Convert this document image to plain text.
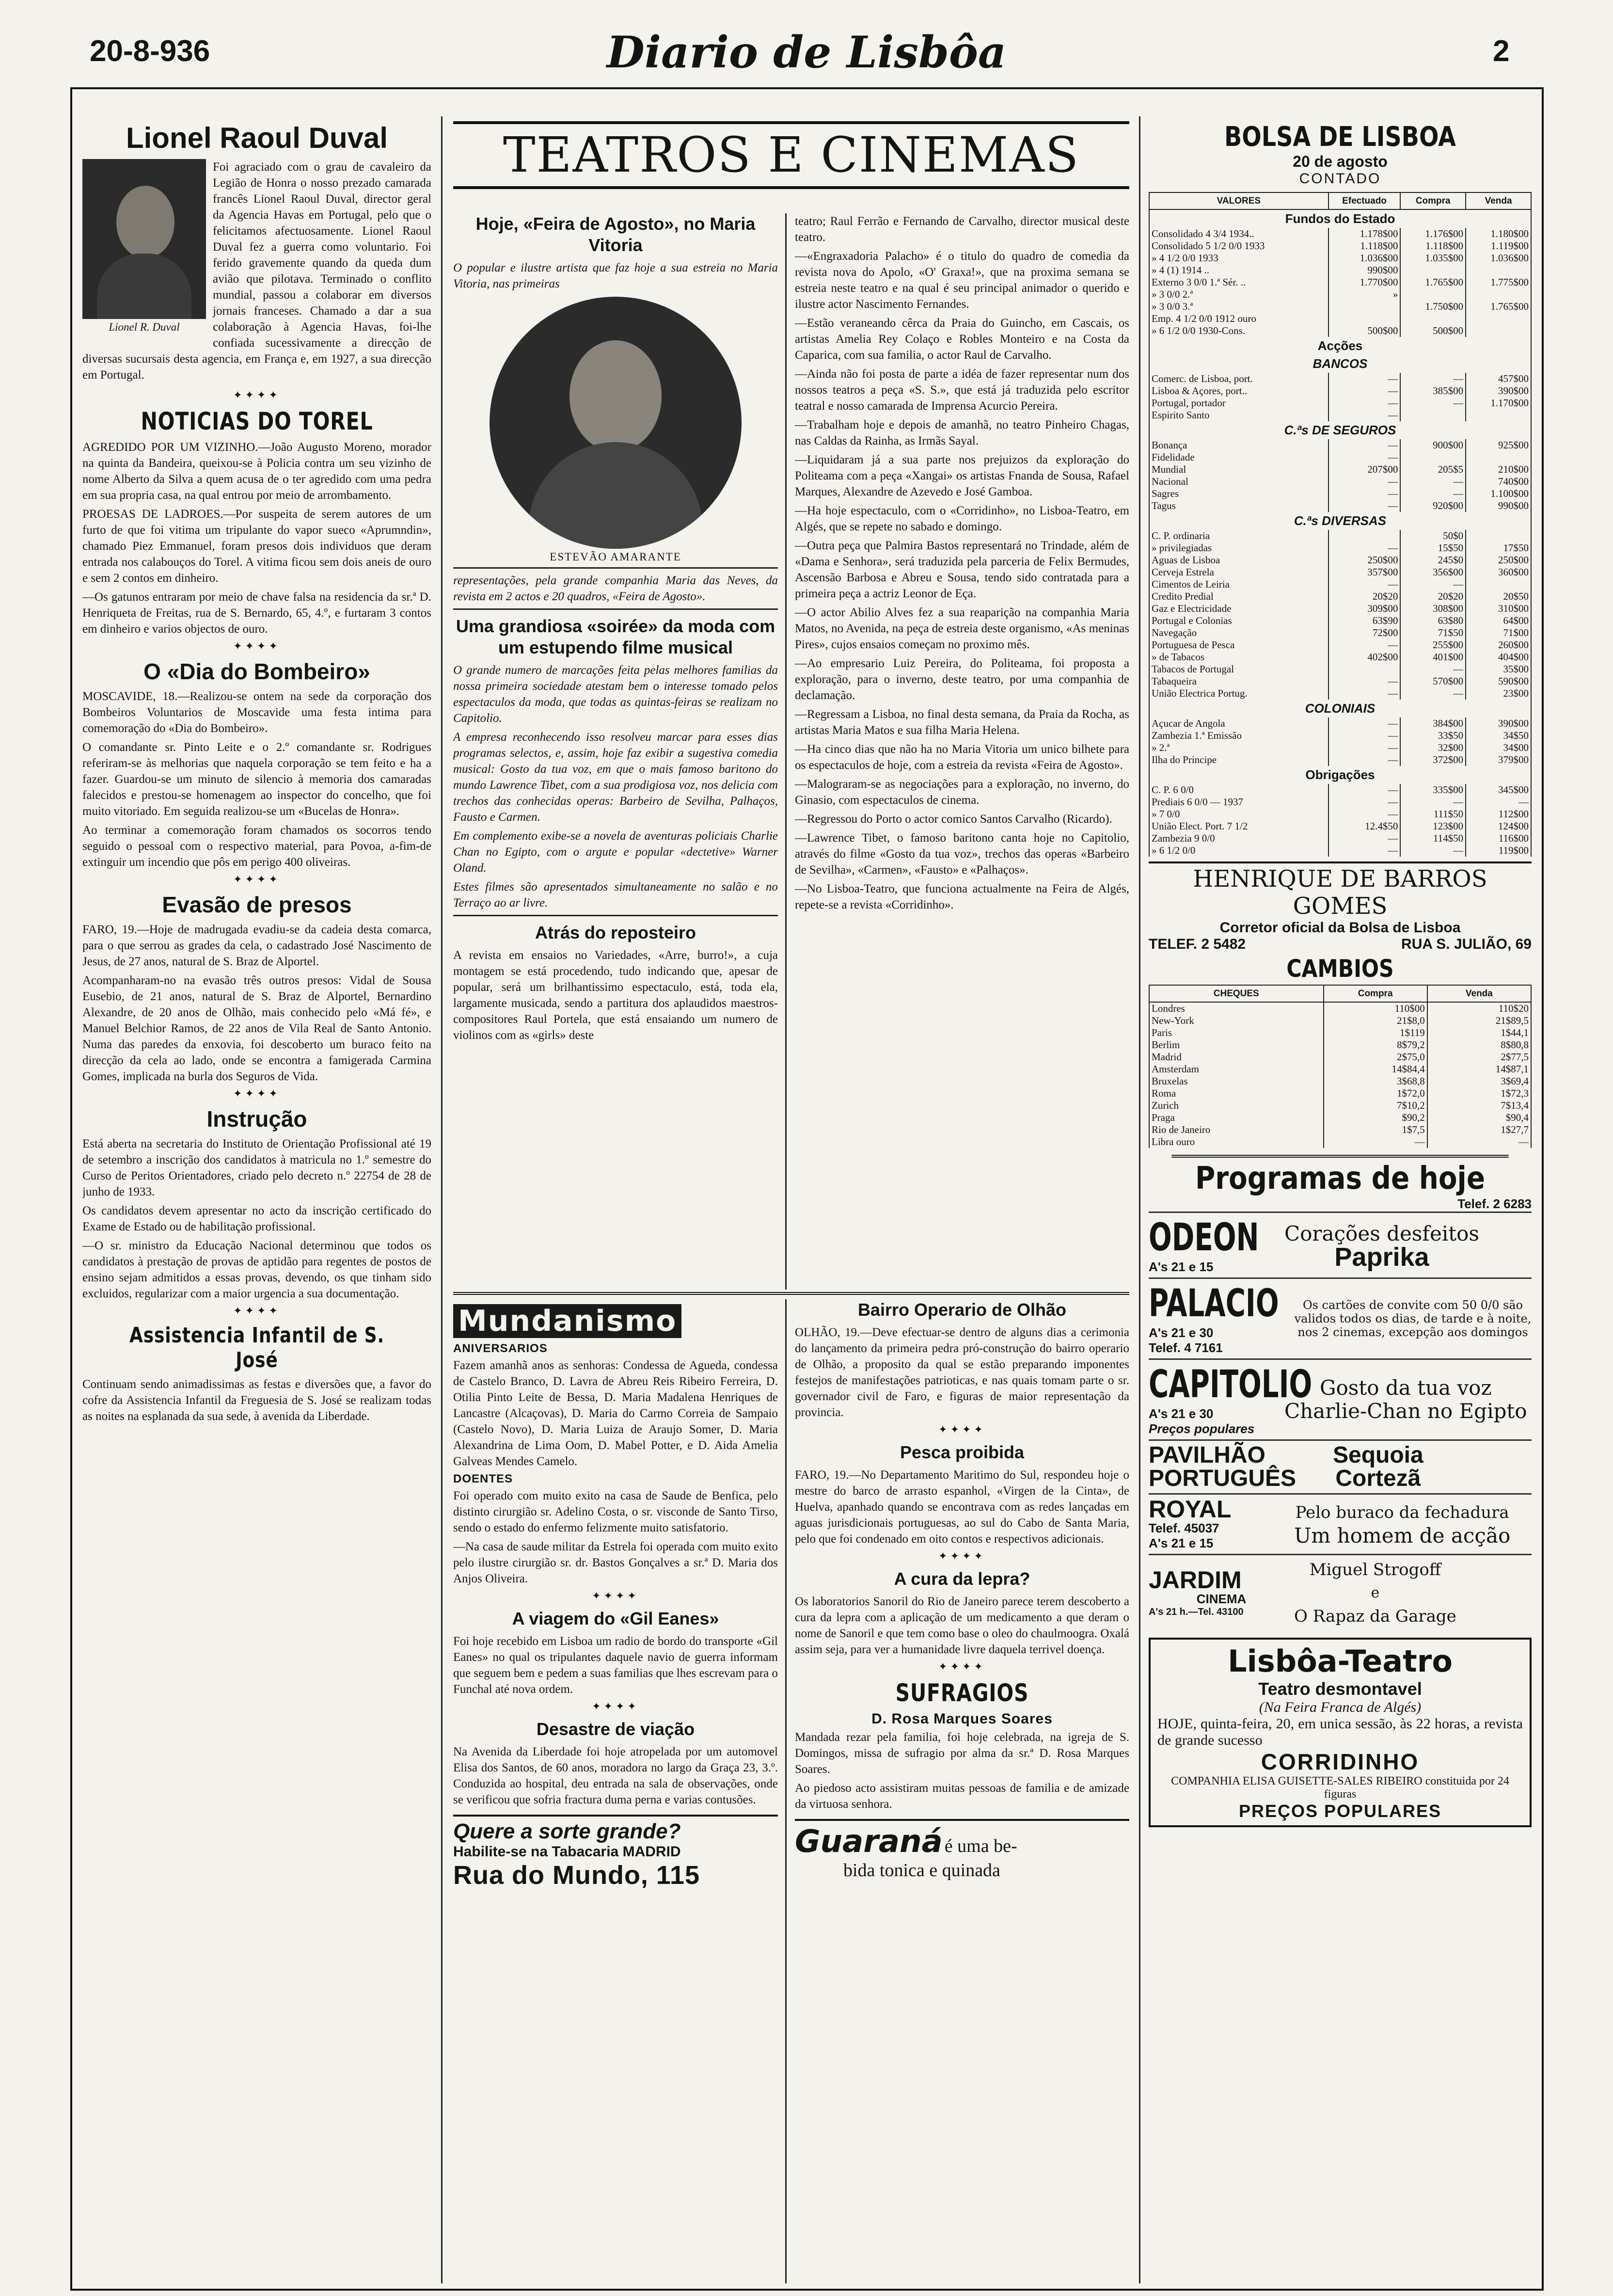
20-8-936	Diario de Lisbôa	2
Lionel Raoul Duval
Lionel R. Duval

Foi agraciado com o grau de cavaleiro da Legião de Honra o nosso prezado camarada francês Lionel Raoul Duval, director geral da Agencia Havas em Portugal, pelo que o felicitamos afectuosamente. Lionel Raoul Duval fez a guerra como voluntario. Foi ferido gravemente quando da queda dum avião que pilotava. Terminado o conflito mundial, passou a colaborar em diversos jornais franceses. Chamado a dar a sua colaboração à Agencia Havas, foi-lhe confiada sucessivamente a direcção de diversas sucursais desta agencia, em França e, em 1927, a sua direcção em Portugal.

✦✦✦✦
NOTICIAS DO TOREL

AGREDIDO POR UM VIZINHO.—João Augusto Moreno, morador na quinta da Bandeira, queixou-se à Policia contra um seu vizinho de nome Alberto da Silva a quem acusa de o ter agredido com uma pedra em sua propria casa, na qual entrou por meio de arrombamento.

PROESAS DE LADROES.—Por suspeita de serem autores de um furto de que foi vitima um tripulante do vapor sueco «Aprumndin», chamado Piez Emmanuel, foram presos dois individuos que deram entrada nos calabouços do Torel. A vitima ficou sem dois aneis de ouro e sem 2 contos em dinheiro.

—Os gatunos entraram por meio de chave falsa na residencia da sr.ª D. Henriqueta de Freitas, rua de S. Bernardo, 65, 4.º, e furtaram 3 contos em dinheiro e varios objectos de ouro.

✦✦✦✦
O «Dia do Bombeiro»

MOSCAVIDE, 18.—Realizou-se ontem na sede da corporação dos Bombeiros Voluntarios de Moscavide uma festa intima para comemoração do «Dia do Bombeiro».

O comandante sr. Pinto Leite e o 2.º comandante sr. Rodrigues referiram-se às melhorias que naquela corporação se tem feito e ha a fazer. Guardou-se um minuto de silencio à memoria dos camaradas falecidos e prestou-se homenagem ao inspector do concelho, que foi muito vitoriado. Em seguida realizou-se um «Bucelas de Honra».

Ao terminar a comemoração foram chamados os socorros tendo seguido o pessoal com o respectivo material, para Povoa, a-fim-de extinguir um incendio que pôs em perigo 400 oliveiras.

✦✦✦✦
Evasão de presos

FARO, 19.—Hoje de madrugada evadiu-se da cadeia desta comarca, para o que serrou as grades da cela, o cadastrado José Nascimento de Jesus, de 27 anos, natural de S. Braz de Alportel.

Acompanharam-no na evasão três outros presos: Vidal de Sousa Eusebio, de 21 anos, natural de S. Braz de Alportel, Bernardino Alexandre, de 20 anos de Olhão, mais conhecido pelo «Má fé», e Manuel Belchior Ramos, de 22 anos de Vila Real de Santo Antonio. Numa das paredes da enxovia, foi descoberto um buraco feito na direcção da cela ao lado, onde se encontra a famigerada Carmina Gomes, implicada na burla dos Seguros de Vida.

✦✦✦✦
Instrução

Está aberta na secretaria do Instituto de Orientação Profissional até 19 de setembro a inscrição dos candidatos à matricula no 1.º semestre do Curso de Peritos Orientadores, criado pelo decreto n.º 22754 de 28 de junho de 1933.

Os candidatos devem apresentar no acto da inscrição certificado do Exame de Estado ou de habilitação profissional.

—O sr. ministro da Educação Nacional determinou que todos os candidatos à prestação de provas de aptidão para regentes de postos de ensino sejam admitidos a essas provas, devendo, os que tinham sido excluidos, regularizar com a maior urgencia a sua documentação.

✦✦✦✦
Assistencia Infantil de S. José

Continuam sendo animadissimas as festas e diversões que, a favor do cofre da Assistencia Infantil da Freguesia de S. José se realizam todas as noites na esplanada da sua sede, à avenida da Liberdade.

TEATROS E CINEMAS
Hoje, «Feira de Agosto», no Maria Vitoria

O popular e ilustre artista que faz hoje a sua estreia no Maria Vitoria, nas primeiras

ESTEVÃO AMARANTE

representações, pela grande companhia Maria das Neves, da revista em 2 actos e 20 quadros, «Feira de Agosto».

Uma grandiosa «soirée» da moda com um estupendo filme musical

O grande numero de marcações feita pelas melhores familias da nossa primeira sociedade atestam bem o interesse tomado pelos espectaculos da moda, que todas as quintas-feiras se realizam no Capitolio.

A empresa reconhecendo isso resolveu marcar para esses dias programas selectos, e, assim, hoje faz exibir a sugestiva comedia musical: Gosto da tua voz, em que o mais famoso baritono do mundo Lawrence Tibet, com a sua prodigiosa voz, nos delicia com trechos das conhecidas operas: Barbeiro de Sevilha, Palhaços, Fausto e Carmen.

Em complemento exibe-se a novela de aventuras policiais Charlie Chan no Egipto, com o argute e popular «dectetive» Warner Oland.

Estes filmes são apresentados simultaneamente no salão e no Terraço ao ar livre.

Atrás do reposteiro

A revista em ensaios no Variedades, «Arre, burro!», a cuja montagem se está procedendo, tudo indicando que, apesar de popular, será um brilhantissimo espectaculo, está, toda ela, largamente musicada, sendo a partitura dos aplaudidos maestros-compositores Raul Portela, que está ensaiando um numero de violinos com as «girls» deste

teatro; Raul Ferrão e Fernando de Carvalho, director musical deste teatro.

—«Engraxadoria Palacho» é o titulo do quadro de comedia da revista nova do Apolo, «O' Graxa!», que na proxima semana se estreia neste teatro e na qual é seu principal animador o querido e ilustre actor Nascimento Fernandes.

—Estão veraneando cêrca da Praia do Guincho, em Cascais, os artistas Amelia Rey Colaço e Robles Monteiro e na Costa da Caparica, com sua familia, o actor Raul de Carvalho.

—Ainda não foi posta de parte a idéa de fazer representar num dos nossos teatros a peça «S. S.», que está já traduzida pelo escritor teatral e nosso camarada de Imprensa Acurcio Pereira.

—Trabalham hoje e depois de amanhã, no teatro Pinheiro Chagas, nas Caldas da Rainha, as Irmãs Sayal.

—Liquidaram já a sua parte nos prejuizos da exploração do Politeama com a peça «Xangai» os artistas Fnanda de Sousa, Rafael Marques, Alexandre de Azevedo e José Gamboa.

—Ha hoje espectaculo, com o «Corridinho», no Lisboa-Teatro, em Algés, que se repete no sabado e domingo.

—Outra peça que Palmira Bastos representará no Trindade, além de «Dama e Senhora», será traduzida pela parceria de Felix Bermudes, Ascensão Barbosa e Abreu e Sousa, tendo sido contratada para a primeira peça a actriz Leonor de Eça.

—O actor Abilio Alves fez a sua reaparição na companhia Maria Matos, no Avenida, na peça de estreia deste organismo, «As meninas Pires», cujos ensaios começam no proximo mês.

—Ao empresario Luiz Pereira, do Politeama, foi proposta a exploração, para o inverno, deste teatro, por uma companhia de declamação.

—Regressam a Lisboa, no final desta semana, da Praia da Rocha, as artistas Maria Matos e sua filha Maria Helena.

—Ha cinco dias que não ha no Maria Vitoria um unico bilhete para os espectaculos de hoje, com a estreia da revista «Feira de Agosto».

—Malograram-se as negociações para a exploração, no inverno, do Ginasio, com espectaculos de cinema.

—Regressou do Porto o actor comico Santos Carvalho (Ricardo).

—Lawrence Tibet, o famoso baritono canta hoje no Capitolio, através do filme «Gosto da tua voz», trechos das operas «Barbeiro de Sevilha», «Carmen», «Fausto» e «Palhaços».

—No Lisboa-Teatro, que funciona actualmente na Feira de Algés, repete-se a revista «Corridinho».

Mundanismo
ANIVERSARIOS

Fazem amanhã anos as senhoras: Condessa de Agueda, condessa de Castelo Branco, D. Lavra de Abreu Reis Ribeiro Ferreira, D. Otilia Pinto Leite de Bessa, D. Maria Madalena Henriques de Lancastre (Alcaçovas), D. Maria do Carmo Correia de Sampaio (Castelo Novo), D. Maria Luiza de Araujo Somer, D. Maria Alexandrina de Lima Oom, D. Mabel Potter, e D. Aida Amelia Galveas Mendes Camelo.

DOENTES

Foi operado com muito exito na casa de Saude de Benfica, pelo distinto cirurgião sr. Adelino Costa, o sr. visconde de Santo Tirso, sendo o estado do enfermo felizmente muito satisfatorio.

—Na casa de saude militar da Estrela foi operada com muito exito pelo ilustre cirurgião sr. dr. Bastos Gonçalves a sr.ª D. Maria dos Anjos Oliveira.

✦✦✦✦
A viagem do «Gil Eanes»

Foi hoje recebido em Lisboa um radio de bordo do transporte «Gil Eanes» no qual os tripulantes daquele navio de guerra informam que seguem bem e pedem a suas familias que lhes escrevam para o Funchal até nova ordem.

✦✦✦✦
Desastre de viação

Na Avenida da Liberdade foi hoje atropelada por um automovel Elisa dos Santos, de 60 anos, moradora no largo da Graça 23, 3.º. Conduzida ao hospital, deu entrada na sala de observações, onde se verificou que sofria fractura duma perna e varias contusões.

Quere a sorte grande?
Habilite-se na Tabacaria MADRID
Rua do Mundo, 115
Bairro Operario de Olhão

OLHÃO, 19.—Deve efectuar-se dentro de alguns dias a cerimonia do lançamento da primeira pedra pró-construção do bairro operario de Olhão, a proposito da qual se estão preparando imponentes festejos de manifestações patrioticas, e nas quais tomam parte o sr. governador civil de Faro, e figuras de maior representação da provincia.

✦✦✦✦
Pesca proibida

FARO, 19.—No Departamento Maritimo do Sul, respondeu hoje o mestre do barco de arrasto espanhol, «Virgen de la Cinta», de Huelva, apanhado quando se encontrava com as redes lançadas em aguas jurisdicionais portuguesas, ao sul do Cabo de Santa Maria, pelo que foi condenado em oito contos e respectivos adicionais.

✦✦✦✦
A cura da lepra?

Os laboratorios Sanoril do Rio de Janeiro parece terem descoberto a cura da lepra com a aplicação de um medicamento a que deram o nome de Sanoril e que tem como base o oleo do chaulmoogra. Oxalá assim seja, para ver a humanidade livre daquela terrivel doença.

✦✦✦✦
SUFRAGIOS
D. Rosa Marques Soares

Mandada rezar pela familia, foi hoje celebrada, na igreja de S. Domingos, missa de sufragio por alma da sr.ª D. Rosa Marques Soares.

Ao piedoso acto assistiram muitas pessoas de familia e de amizade da virtuosa senhora.

Guaraná é uma be-
bida tonica e quinada
BOLSA DE LISBOA
20 de agosto
CONTADO
VALORES	Efectuado	Compra	Venda
Fundos do Estado			
Consolidado 4 3/4 1934..	1.178$00	1.176$00	1.180$00
Consolidado 5 1/2 0/0 1933	1.118$00	1.118$00	1.119$00
» 4 1/2 0/0 1933	1.036$00	1.035$00	1.036$00
» 4 (1) 1914 ..	990$00		
Externo 3 0/0 1.ª Sér. ..	1.770$00	1.765$00	1.775$00
» 3 0/0 2.ª	»		
» 3 0/0 3.ª		1.750$00	1.765$00
Emp. 4 1/2 0/0 1912 ouro			
» 6 1/2 0/0 1930-Cons.	500$00	500$00	
Acções			
BANCOS			
Comerc. de Lisboa, port.	—	—	457$00
Lisboa & Açores, port..	—	385$00	390$00
Portugal, portador	—	—	1.170$00
Espirito Santo	—		
C.ªs DE SEGUROS			
Bonança	—	900$00	925$00
Fidelidade	—		
Mundial	207$00	205$5	210$00
Nacional	—	—	740$00
Sagres	—	—	1.100$00
Tagus	—	920$00	990$00
C.ªs DIVERSAS			
C. P. ordinaria		50$0	
» privilegiadas	—	15$50	17$50
Aguas de Lisboa	250$00	245$0	250$00
Cerveja Estrela	357$00	356$00	360$00
Cimentos de Leiria	—	—	
Credito Predial	20$20	20$20	20$50
Gaz e Electricidade	309$00	308$00	310$00
Portugal e Colonias	63$90	63$80	64$00
Navegação	72$00	71$50	71$00
Portuguesa de Pesca	—	255$00	260$00
» de Tabacos	402$00	401$00	404$00
Tabacos de Portugal		—	35$00
Tabaqueira	—	570$00	590$00
União Electrica Portug.	—	—	23$00
COLONIAIS			
Açucar de Angola	—	384$00	390$00
Zambezia 1.ª Emissão	—	33$50	34$50
» 2.ª	—	32$00	34$00
Ilha do Principe	—	372$00	379$00
Obrigações			
C. P. 6 0/0	—	335$00	345$00
Prediais 6 0/0 — 1937	—	—	—
» 7 0/0	—	111$50	112$00
União Elect. Port. 7 1/2	12.4$50	123$00	124$00
Zambezia 9 0/0	—	114$50	116$00
» 6 1/2 0/0	—	—	119$00
HENRIQUE DE BARROS GOMES
Corretor oficial da Bolsa de Lisboa
TELEF. 2 5482	RUA S. JULIÃO, 69
CAMBIOS
CHEQUES	Compra	Venda
Londres	110$00	110$20
New-York	21$8,0	21$89,5
Paris	1$119	1$44,1
Berlim	8$79,2	8$80,8
Madrid	2$75,0	2$77,5
Amsterdam	14$84,4	14$87,1
Bruxelas	3$68,8	3$69,4
Roma	1$72,0	1$72,3
Zurich	7$10,2	7$13,4
Praga	$90,2	$90,4
Rio de Janeiro	1$7,5	1$27,7
Libra ouro	—	—
Programas de hoje
Telef. 2 6283
ODEON
A's 21 e 15
Corações desfeitos
Paprika
PALACIO
A's 21 e 30
Telef. 4 7161
Os cartões de convite com 50 0/0 são validos todos os dias, de tarde e à noite, nos 2 cinemas, excepção aos domingos
CAPITOLIO
A's 21 e 30
Preços populares
Gosto da tua voz
Charlie-Chan no Egipto
PAVILHÃO
PORTUGUÊS
Sequoia
Cortezã
ROYAL
Telef. 45037
A's 21 e 15
Pelo buraco da fechadura
Um homem de acção
JARDIM
CINEMA
A's 21 h.—Tel. 43100
Miguel Strogoff
e
O Rapaz da Garage
Lisbôa-Teatro
Teatro desmontavel
(Na Feira Franca de Algés)
HOJE, quinta-feira, 20, em unica sessão, às 22 horas, a revista de grande sucesso
CORRIDINHO
COMPANHIA ELISA GUISETTE-SALES RIBEIRO constituida por 24 figuras
PREÇOS POPULARES
